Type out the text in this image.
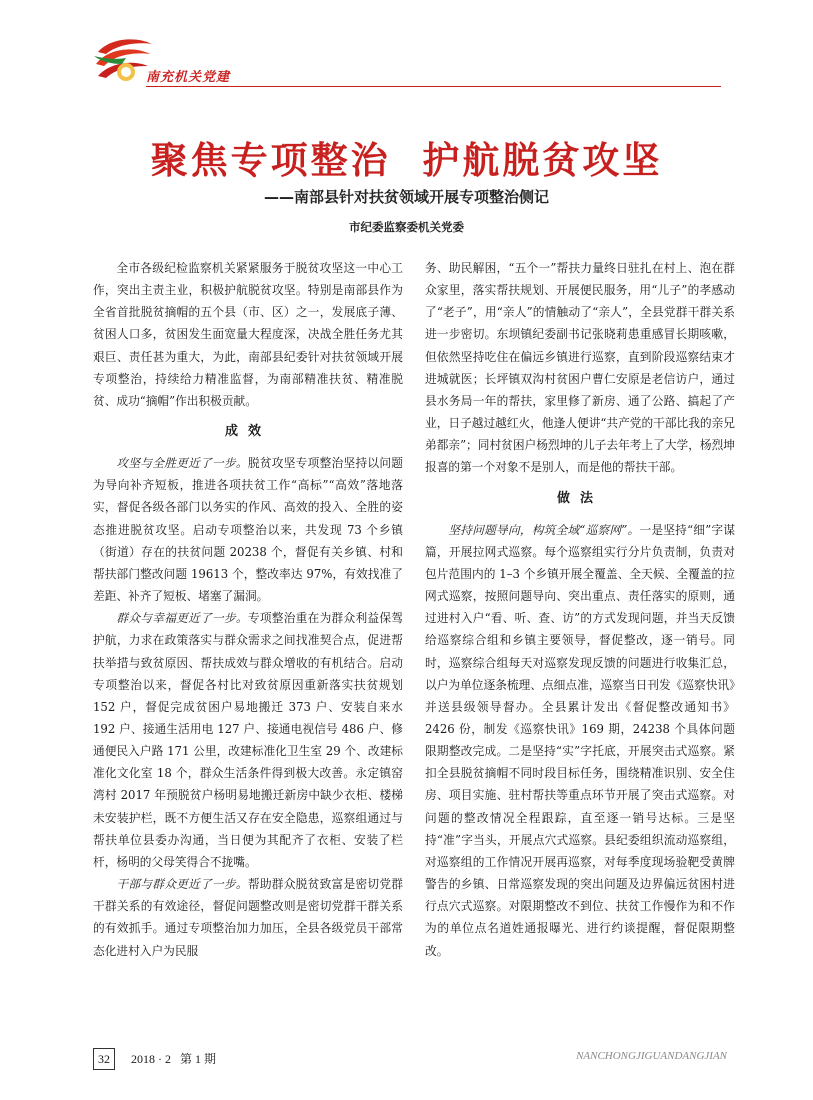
南充机关党建
聚焦专项整治  护航脱贫攻坚
——南部县针对扶贫领域开展专项整治侧记
市纪委监察委机关党委

全市各级纪检监察机关紧紧服务于脱贫攻坚这一中心工作，突出主责主业，积极护航脱贫攻坚。特别是南部县作为全省首批脱贫摘帽的五个县（市、区）之一，发展底子薄、贫困人口多，贫困发生面宽量大程度深，决战全胜任务尤其艰巨、责任甚为重大，为此，南部县纪委针对扶贫领域开展专项整治，持续给力精准监督，为南部精准扶贫、精准脱贫、成功“摘帽”作出积极贡献。

成效

攻坚与全胜更近了一步。脱贫攻坚专项整治坚持以问题为导向补齐短板，推进各项扶贫工作“高标”“高效”落地落实，督促各级各部门以务实的作风、高效的投入、全胜的姿态推进脱贫攻坚。启动专项整治以来，共发现 73 个乡镇（街道）存在的扶贫问题 20238 个，督促有关乡镇、村和帮扶部门整改问题 19613 个，整改率达 97%，有效找准了差距、补齐了短板、堵塞了漏洞。

群众与幸福更近了一步。专项整治重在为群众利益保驾护航，力求在政策落实与群众需求之间找准契合点，促进帮扶举措与致贫原因、帮扶成效与群众增收的有机结合。启动专项整治以来，督促各村比对致贫原因重新落实扶贫规划 152 户，督促完成贫困户易地搬迁 373 户、安装自来水 192 户、接通生活用电 127 户、接通电视信号 486 户、修通便民入户路 171 公里，改建标准化卫生室 29 个、改建标准化文化室 18 个，群众生活条件得到极大改善。永定镇窑湾村 2017 年预脱贫户杨明易地搬迁新房中缺少衣柜、楼梯未安装护栏，既不方便生活又存在安全隐患，巡察组通过与帮扶单位县委办沟通，当日便为其配齐了衣柜、安装了栏杆，杨明的父母笑得合不拢嘴。

干部与群众更近了一步。帮助群众脱贫致富是密切党群干群关系的有效途径，督促问题整改则是密切党群干群关系的有效抓手。通过专项整治加力加压，全县各级党员干部常态化进村入户为民服

务、助民解困，“五个一”帮扶力量终日驻扎在村上、泡在群众家里，落实帮扶规划、开展便民服务，用“儿子”的孝感动了“老子”，用“亲人”的情触动了“亲人”，全县党群干群关系进一步密切。东坝镇纪委副书记张晓莉患重感冒长期咳嗽，但依然坚持吃住在偏远乡镇进行巡察，直到阶段巡察结束才进城就医；长坪镇双沟村贫困户曹仁安原是老信访户，通过县水务局一年的帮扶，家里修了新房、通了公路、搞起了产业，日子越过越红火，他逢人便讲“共产党的干部比我的亲兄弟都亲”；同村贫困户杨烈坤的儿子去年考上了大学，杨烈坤报喜的第一个对象不是别人，而是他的帮扶干部。

做法

坚持问题导向，构筑全域“巡察网”。一是坚持“细”字谋篇，开展拉网式巡察。每个巡察组实行分片负责制，负责对包片范围内的 1–3 个乡镇开展全覆盖、全天候、全覆盖的拉网式巡察，按照问题导向、突出重点、责任落实的原则，通过进村入户“看、听、查、访”的方式发现问题，并当天反馈给巡察综合组和乡镇主要领导，督促整改，逐一销号。同时，巡察综合组每天对巡察发现反馈的问题进行收集汇总，以户为单位逐条梳理、点细点准，巡察当日刊发《巡察快讯》并送县级领导督办。全县累计发出《督促整改通知书》2426 份，制发《巡察快讯》169 期，24238 个具体问题限期整改完成。二是坚持“实”字托底，开展突击式巡察。紧扣全县脱贫摘帽不同时段目标任务，围绕精准识别、安全住房、项目实施、驻村帮扶等重点环节开展了突击式巡察。对问题的整改情况全程跟踪，直至逐一销号达标。三是坚持“准”字当头，开展点穴式巡察。县纪委组织流动巡察组，对巡察组的工作情况开展再巡察，对每季度现场验靶受黄牌警告的乡镇、日常巡察发现的突出问题及边界偏远贫困村进行点穴式巡察。对限期整改不到位、扶贫工作慢作为和不作为的单位点名道姓通报曝光、进行约谈提醒，督促限期整改。

32	2018 · 2   第 1 期	NANCHONGJIGUANDANGJIAN
